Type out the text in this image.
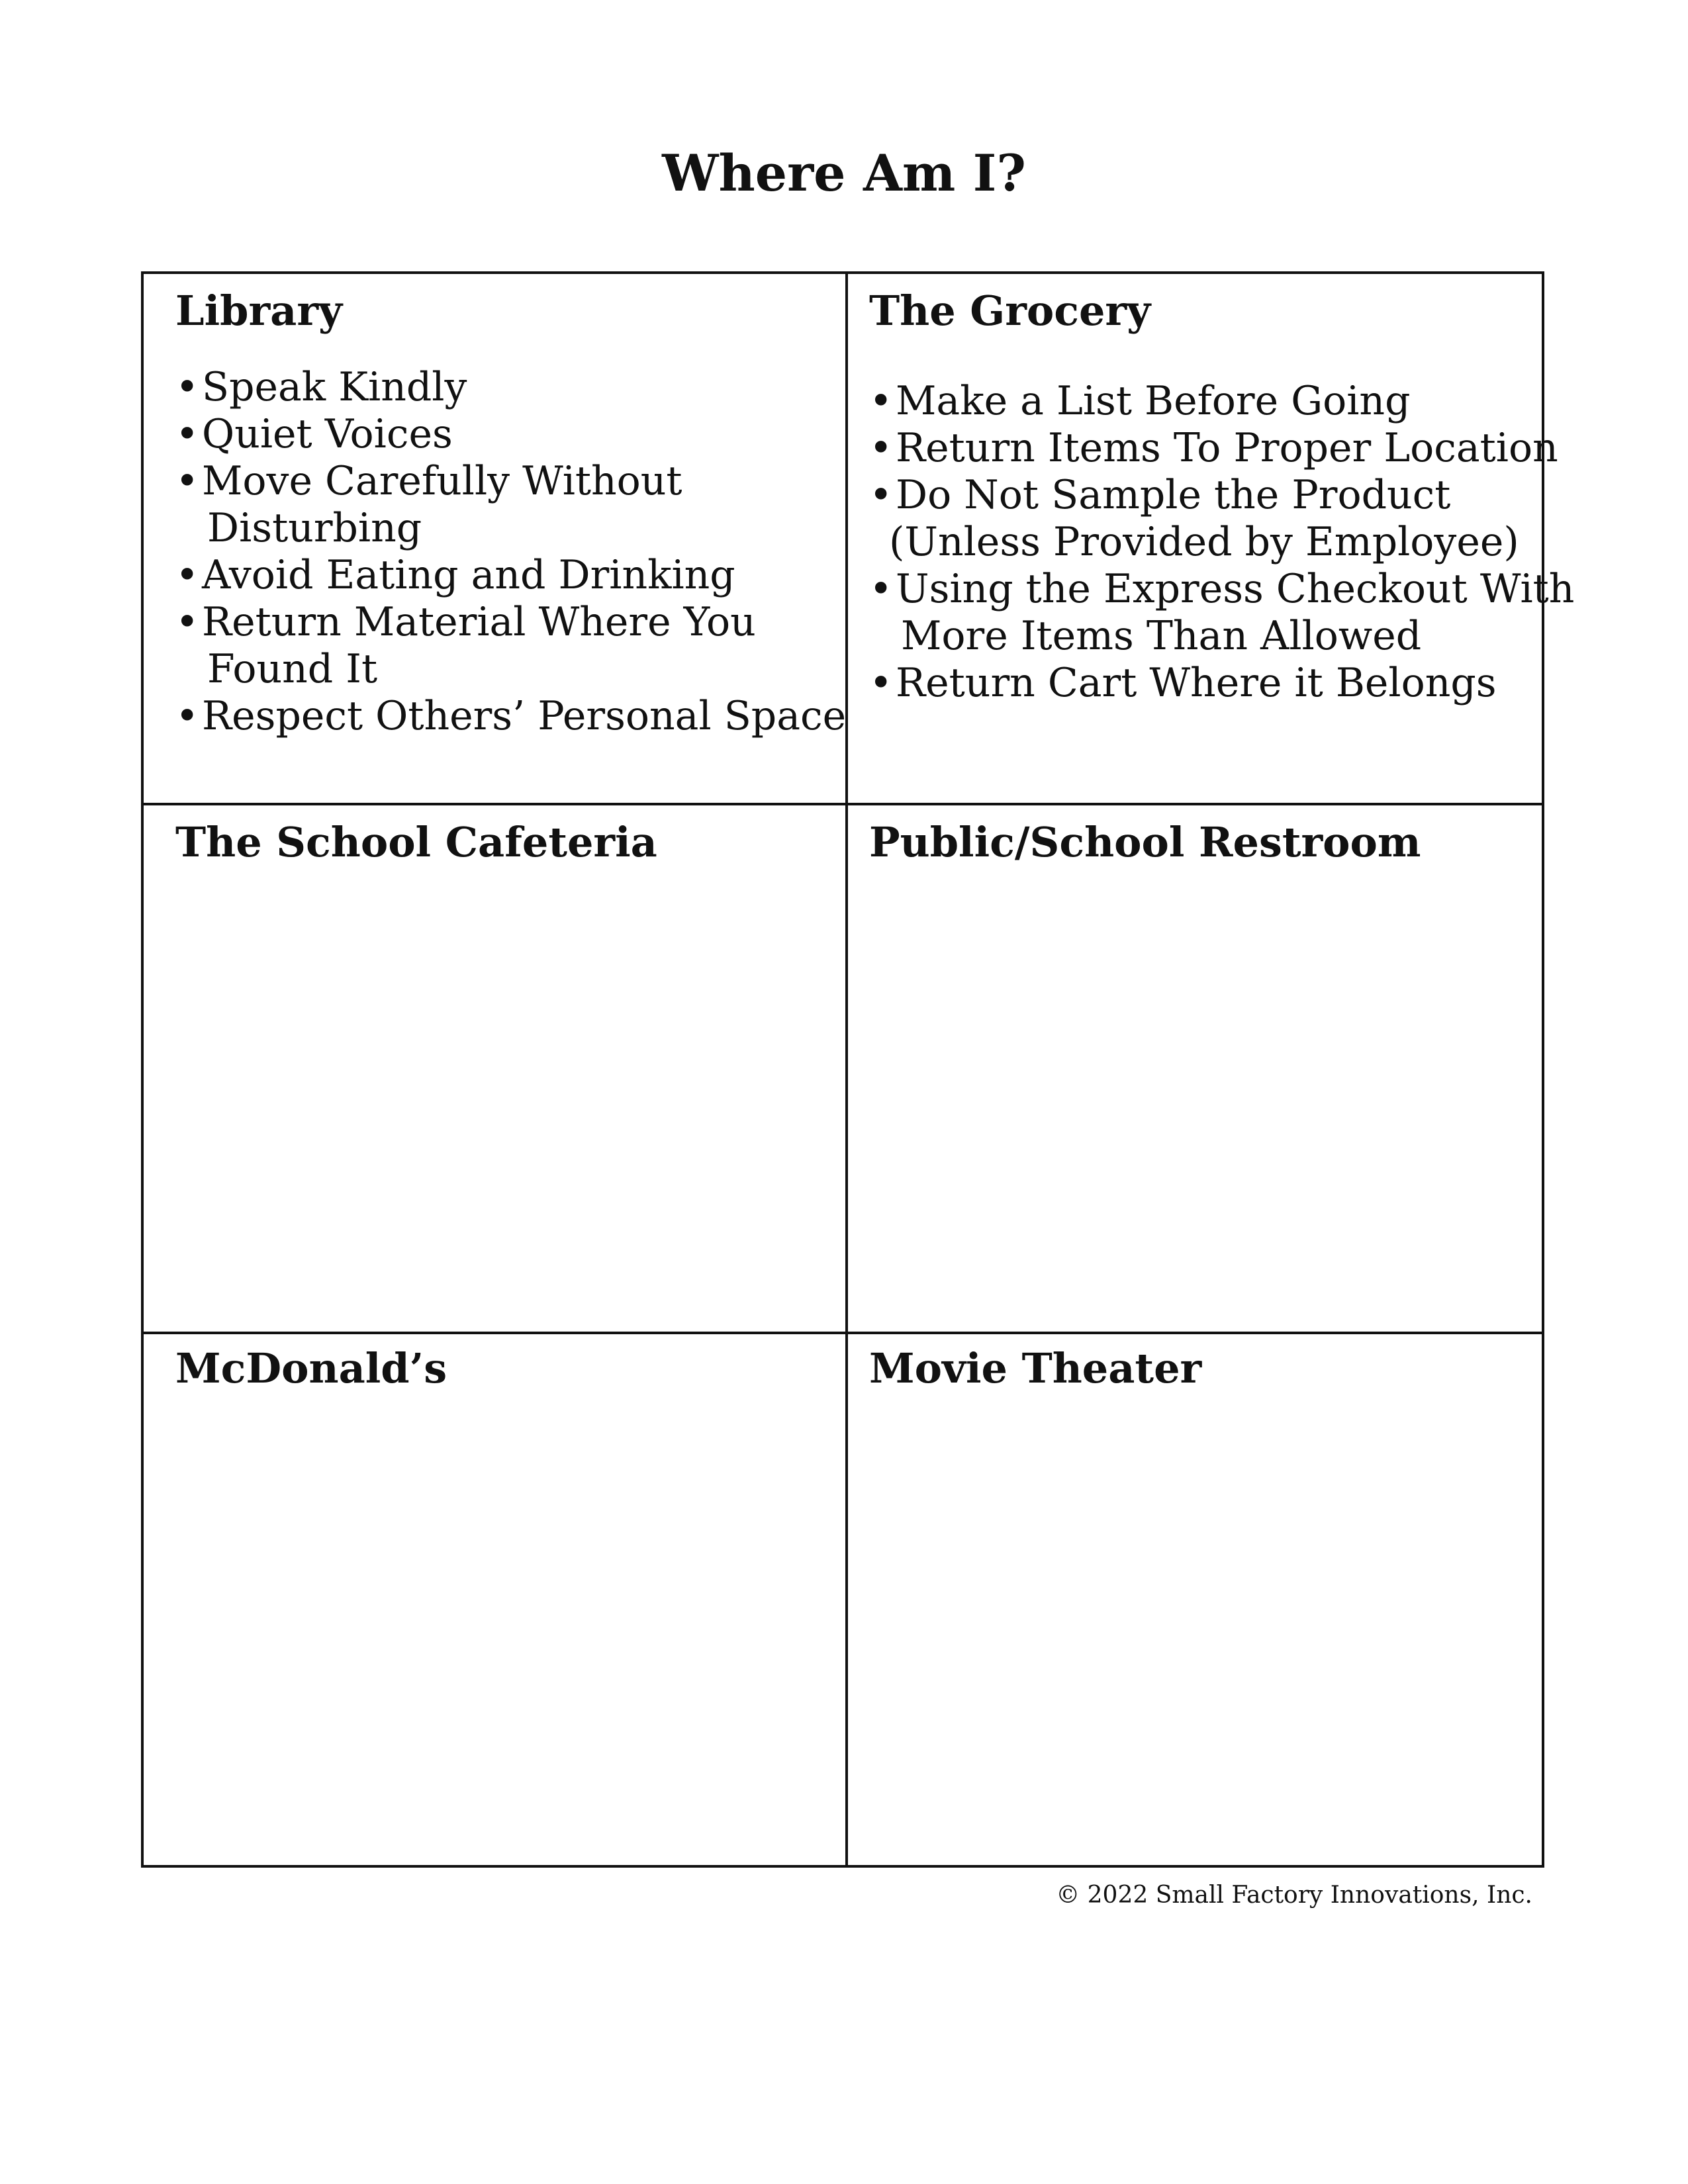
Where Am I?
Library
• Speak Kindly
• Quiet Voices
• Move Carefully Without
Disturbing
• Avoid Eating and Drinking
• Return Material Where You
Found It
• Respect Others’ Personal Space
The Grocery
• Make a List Before Going
• Return Items To Proper Location
• Do Not Sample the Product
(Unless Provided by Employee)
• Using the Express Checkout With
More Items Than Allowed
• Return Cart Where it Belongs
The School Cafeteria	Public/School Restroom
McDonald’s	Movie Theater
© 2022 Small Factory Innovations, Inc.
